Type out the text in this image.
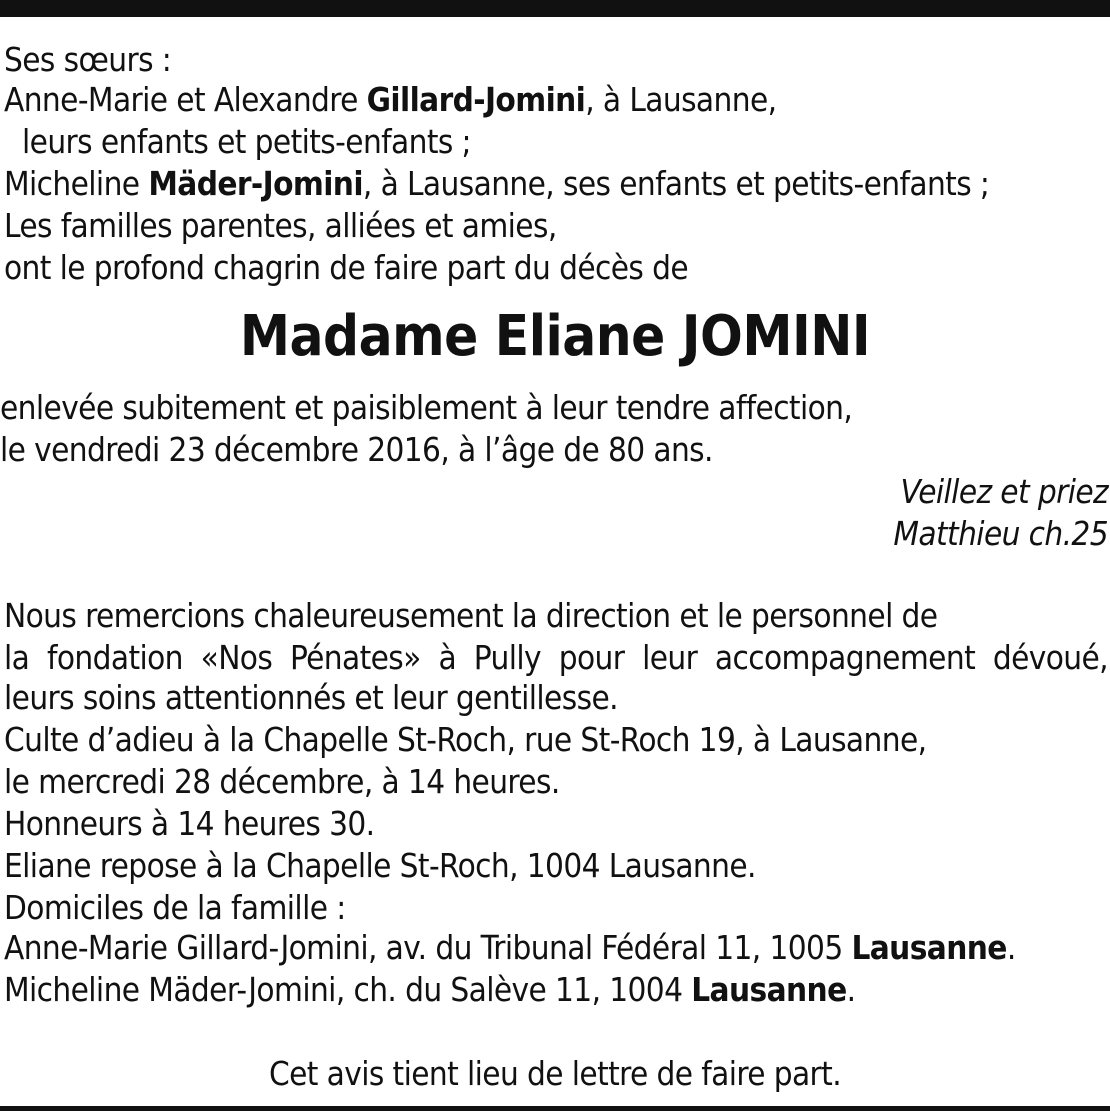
Ses sœurs :
Anne-Marie et Alexandre Gillard-Jomini, à Lausanne,
leurs enfants et petits-enfants ;
Micheline Mäder-Jomini, à Lausanne, ses enfants et petits-enfants ;
Les familles parentes, alliées et amies,
ont le profond chagrin de faire part du décès de
Madame Eliane JOMINI
enlevée subitement et paisiblement à leur tendre affection,
le vendredi 23 décembre 2016, à l’âge de 80 ans.
Veillez et priez
Matthieu ch.25
Nous remercions chaleureusement la direction et le personnel de
la fondation «Nos Pénates» à Pully pour leur accompagnement dévoué,
leurs soins attentionnés et leur gentillesse.
Culte d’adieu à la Chapelle St-Roch, rue St-Roch 19, à Lausanne,
le mercredi 28 décembre, à 14 heures.
Honneurs à 14 heures 30.
Eliane repose à la Chapelle St-Roch, 1004 Lausanne.
Domiciles de la famille :
Anne-Marie Gillard-Jomini, av. du Tribunal Fédéral 11, 1005 Lausanne.
Micheline Mäder-Jomini, ch. du Salève 11, 1004 Lausanne.
Cet avis tient lieu de lettre de faire part.
